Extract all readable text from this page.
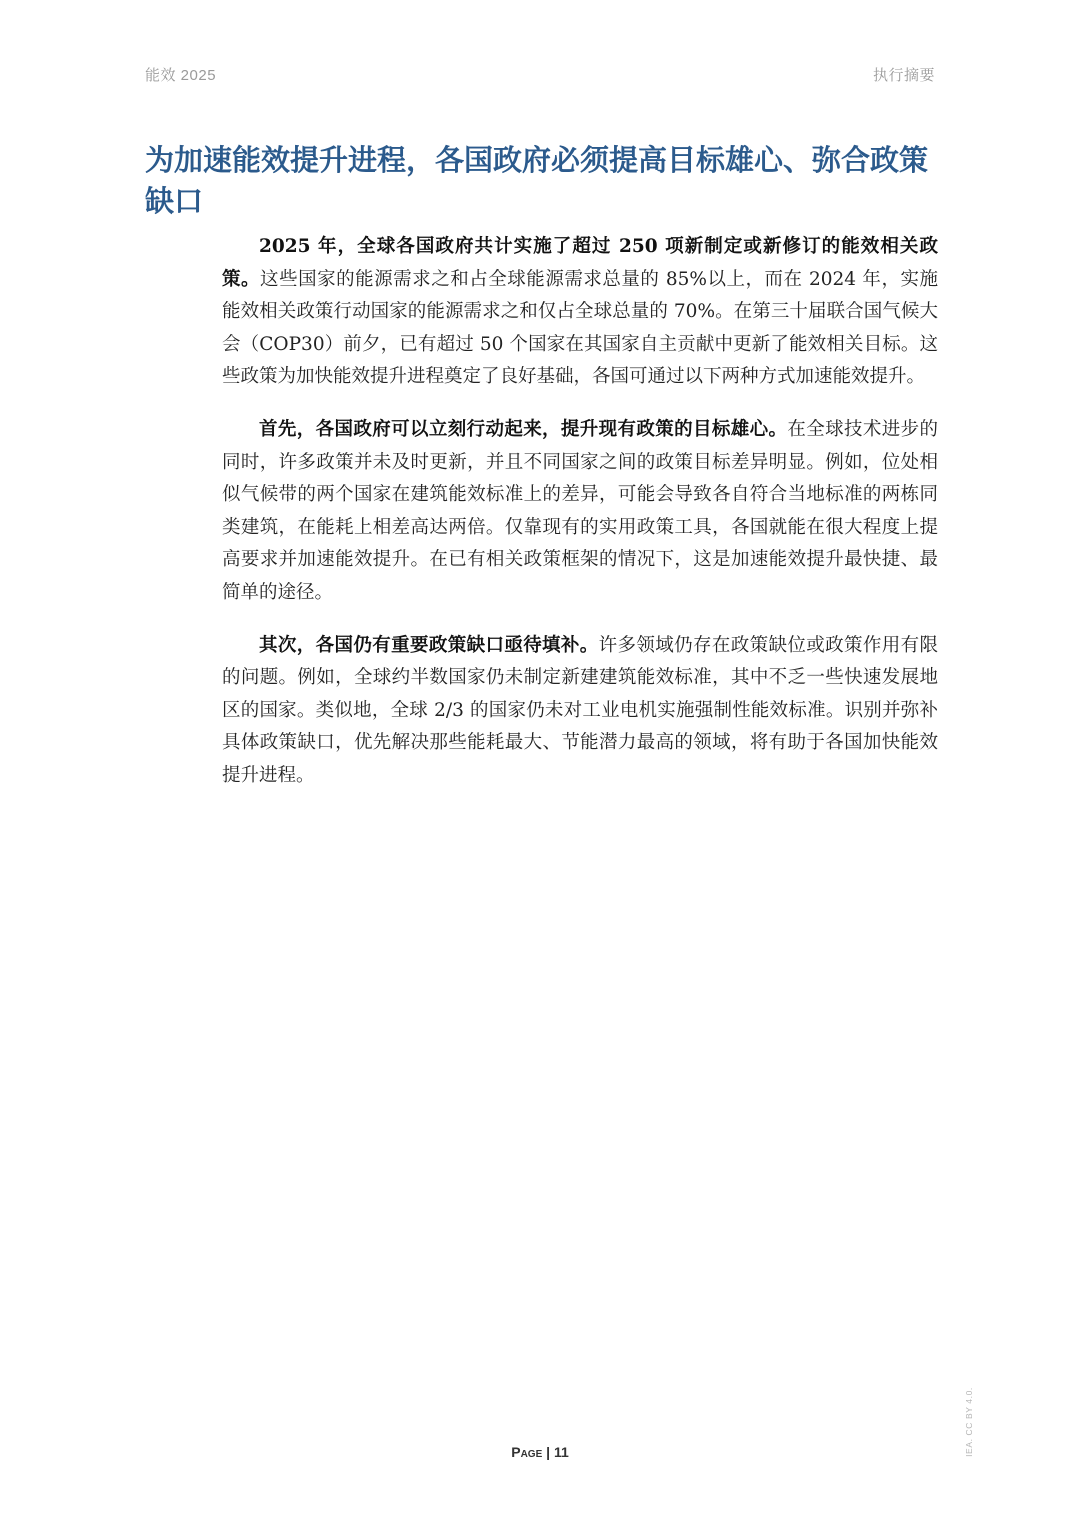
能效 2025	执行摘要
为加速能效提升进程，各国政府必须提高目标雄心、弥合政策缺口

2025 年，全球各国政府共计实施了超过 250 项新制定或新修订的能效相关政策。这些国家的能源需求之和占全球能源需求总量的 85%以上，而在 2024 年，实施能效相关政策行动国家的能源需求之和仅占全球总量的 70%。在第三十届联合国气候大会（COP30）前夕，已有超过 50 个国家在其国家自主贡献中更新了能效相关目标。这些政策为加快能效提升进程奠定了良好基础，各国可通过以下两种方式加速能效提升。

首先，各国政府可以立刻行动起来，提升现有政策的目标雄心。在全球技术进步的同时，许多政策并未及时更新，并且不同国家之间的政策目标差异明显。例如，位处相似气候带的两个国家在建筑能效标准上的差异，可能会导致各自符合当地标准的两栋同类建筑，在能耗上相差高达两倍。仅靠现有的实用政策工具，各国就能在很大程度上提高要求并加速能效提升。在已有相关政策框架的情况下，这是加速能效提升最快捷、最简单的途径。

其次，各国仍有重要政策缺口亟待填补。许多领域仍存在政策缺位或政策作用有限的问题。例如，全球约半数国家仍未制定新建建筑能效标准，其中不乏一些快速发展地区的国家。类似地，全球 2/3 的国家仍未对工业电机实施强制性能效标准。识别并弥补具体政策缺口，优先解决那些能耗最大、节能潜力最高的领域，将有助于各国加快能效提升进程。

Page | 11	IEA. CC BY 4.0.
